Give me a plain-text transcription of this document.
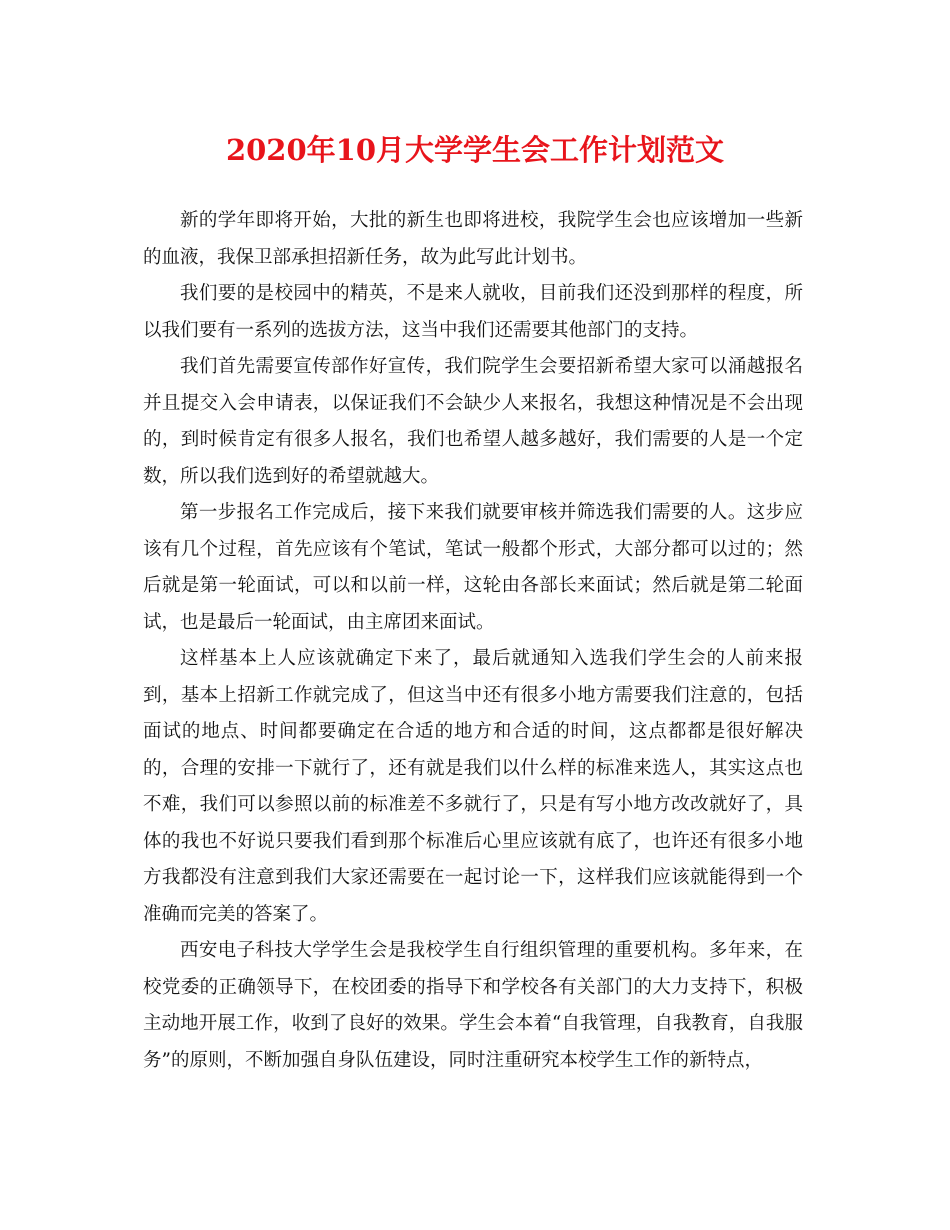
2020年10月大学学生会工作计划范文

新的学年即将开始，大批的新生也即将进校，我院学生会也应该增加一些新的血液，我保卫部承担招新任务，故为此写此计划书。

我们要的是校园中的精英，不是来人就收，目前我们还没到那样的程度，所以我们要有一系列的选拔方法，这当中我们还需要其他部门的支持。

我们首先需要宣传部作好宣传，我们院学生会要招新希望大家可以涌越报名并且提交入会申请表，以保证我们不会缺少人来报名，我想这种情况是不会出现的，到时候肯定有很多人报名，我们也希望人越多越好，我们需要的人是一个定数，所以我们选到好的希望就越大。

第一步报名工作完成后，接下来我们就要审核并筛选我们需要的人。这步应该有几个过程，首先应该有个笔试，笔试一般都个形式，大部分都可以过的；然后就是第一轮面试，可以和以前一样，这轮由各部长来面试；然后就是第二轮面试，也是最后一轮面试，由主席团来面试。

这样基本上人应该就确定下来了，最后就通知入选我们学生会的人前来报到，基本上招新工作就完成了，但这当中还有很多小地方需要我们注意的，包括面试的地点、时间都要确定在合适的地方和合适的时间，这点都都是很好解决的，合理的安排一下就行了，还有就是我们以什么样的标准来选人，其实这点也不难，我们可以参照以前的标准差不多就行了，只是有写小地方改改就好了，具体的我也不好说只要我们看到那个标准后心里应该就有底了，也许还有很多小地方我都没有注意到我们大家还需要在一起讨论一下，这样我们应该就能得到一个准确而完美的答案了。

西安电子科技大学学生会是我校学生自行组织管理的重要机构。多年来，在校党委的正确领导下，在校团委的指导下和学校各有关部门的大力支持下，积极主动地开展工作，收到了良好的效果。学生会本着“自我管理，自我教育，自我服务”的原则，不断加强自身队伍建设，同时注重研究本校学生工作的新特点，
